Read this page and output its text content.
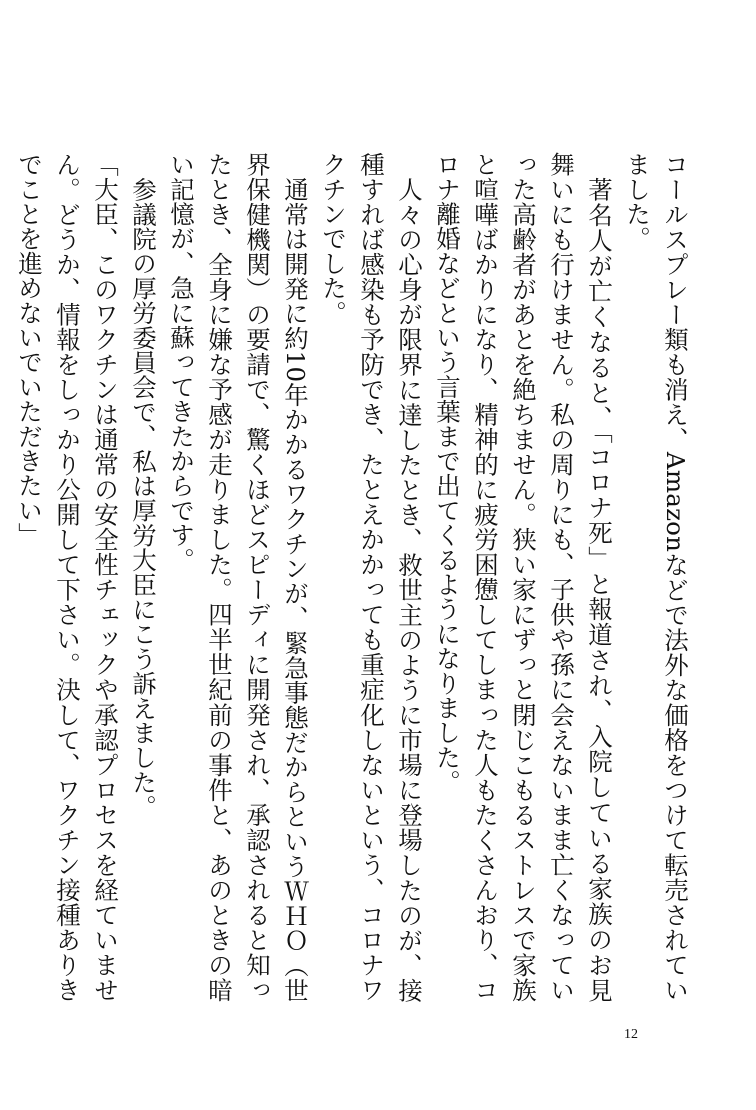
コールスプレー類も消え、Amazonなどで法外な価格をつけて転売されていました。

著名人が亡くなると、「コロナ死」と報道され、入院している家族のお見舞いにも行けません。私の周りにも、子供や孫に会えないまま亡くなっていった高齢者があとを絶ちません。狭い家にずっと閉じこもるストレスで家族と喧嘩ばかりになり、精神的に疲労困憊してしまった人もたくさんおり、コロナ離婚などという言葉まで出てくるようになりました。

人々の心身が限界に達したとき、救世主のように市場に登場したのが、接種すれば感染も予防でき、たとえかかっても重症化しないという、コロナワクチンでした。

通常は開発に約10年かかるワクチンが、緊急事態だからというＷＨＯ（世界保健機関）の要請で、驚くほどスピーディに開発され、承認されると知ったとき、全身に嫌な予感が走りました。四半世紀前の事件と、あのときの暗い記憶が、急に蘇ってきたからです。

参議院の厚労委員会で、私は厚労大臣にこう訴えました。

「大臣、このワクチンは通常の安全性チェックや承認プロセスを経ていません。どうか、情報をしっかり公開して下さい。決して、ワクチン接種ありきでことを進めないでいただきたい」

12
